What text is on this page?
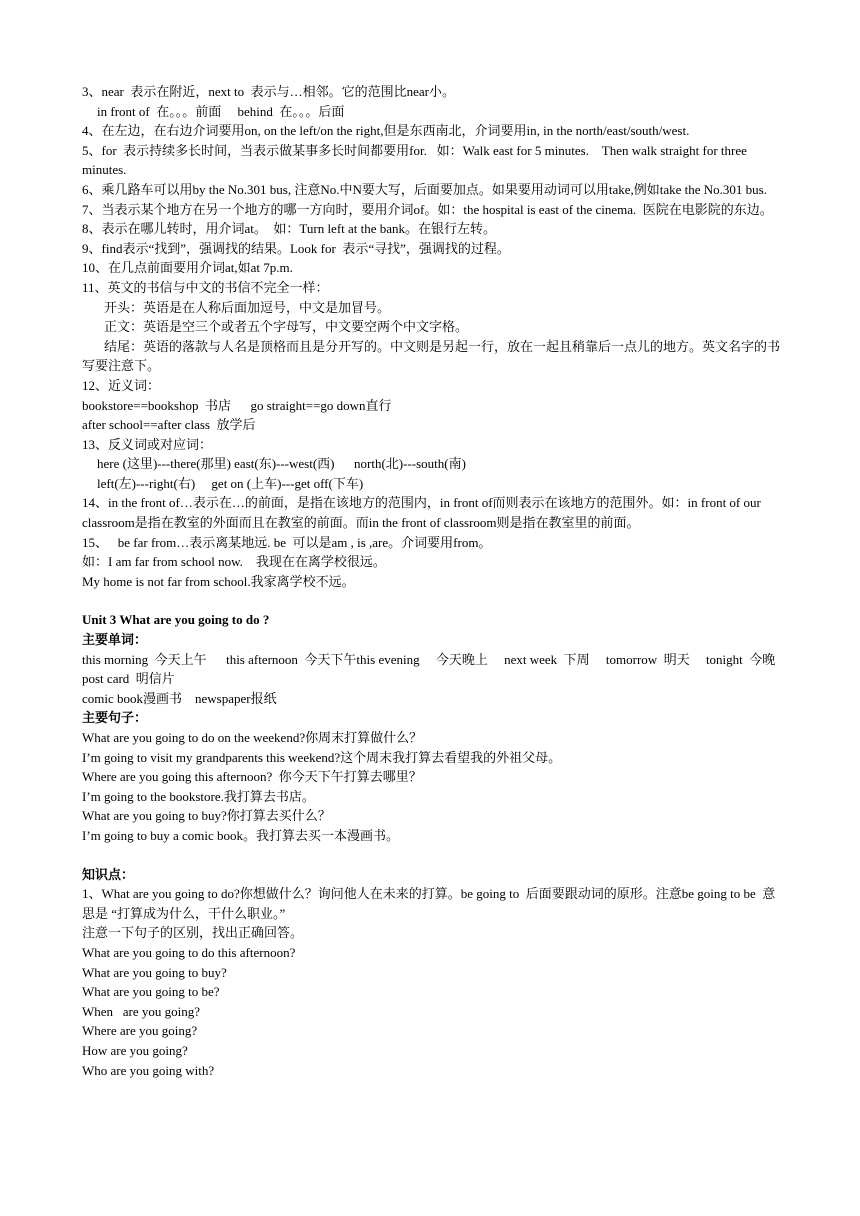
3、near  表示在附近，next to  表示与…相邻。它的范围比near小。

in front of  在。。。前面     behind  在。。。后面

4、在左边，在右边介词要用on, on the left/on the right,但是东西南北，介词要用in, in the north/east/south/west.

5、for  表示持续多长时间，当表示做某事多长时间都要用for.   如：Walk east for 5 minutes.    Then walk straight for three minutes.

6、乘几路车可以用by the No.301 bus, 注意No.中N要大写，后面要加点。如果要用动词可以用take,例如take the No.301 bus.

7、当表示某个地方在另一个地方的哪一方向时，要用介词of。如：the hospital is east of the cinema.  医院在电影院的东边。

8、表示在哪儿转时，用介词at。  如：Turn left at the bank。在银行左转。

9、find表示“找到”，强调找的结果。Look for  表示“寻找”，强调找的过程。

10、在几点前面要用介词at,如at 7p.m.

11、英文的书信与中文的书信不完全一样：

开头：英语是在人称后面加逗号，中文是加冒号。

正文：英语是空三个或者五个字母写，中文要空两个中文字格。

结尾：英语的落款与人名是顶格而且是分开写的。中文则是另起一行，放在一起且稍靠后一点儿的地方。英文名字的书写要注意下。

12、近义词：

bookstore==bookshop  书店      go straight==go down直行

after school==after class  放学后

13、反义词或对应词：

here (这里)---there(那里) east(东)---west(西)      north(北)---south(南)

left(左)---right(右)     get on (上车)---get off(下车)

14、in the front of…表示在…的前面，是指在该地方的范围内，in front of而则表示在该地方的范围外。如：in front of our classroom是指在教室的外面而且在教室的前面。而in the front of classroom则是指在教室里的前面。

15、   be far from…表示离某地远. be  可以是am , is ,are。介词要用from。

如：I am far from school now.    我现在在离学校很远。

My home is not far from school.我家离学校不远。

Unit 3 What are you going to do ?

主要单词：

this morning  今天上午      this afternoon  今天下午this evening     今天晚上     next week  下周     tomorrow  明天     tonight  今晚post card  明信片

comic book漫画书    newspaper报纸

主要句子：

What are you going to do on the weekend?你周末打算做什么？

I’m going to visit my grandparents this weekend?这个周末我打算去看望我的外祖父母。

Where are you going this afternoon?  你今天下午打算去哪里？

I’m going to the bookstore.我打算去书店。

What are you going to buy?你打算去买什么？

I’m going to buy a comic book。我打算去买一本漫画书。

知识点：

1、What are you going to do?你想做什么？询问他人在未来的打算。be going to  后面要跟动词的原形。注意be going to be  意思是 “打算成为什么，干什么职业。”

注意一下句子的区别，找出正确回答。

What are you going to do this afternoon?

What are you going to buy?

What are you going to be?

When   are you going?

Where are you going?

How are you going?

Who are you going with?
